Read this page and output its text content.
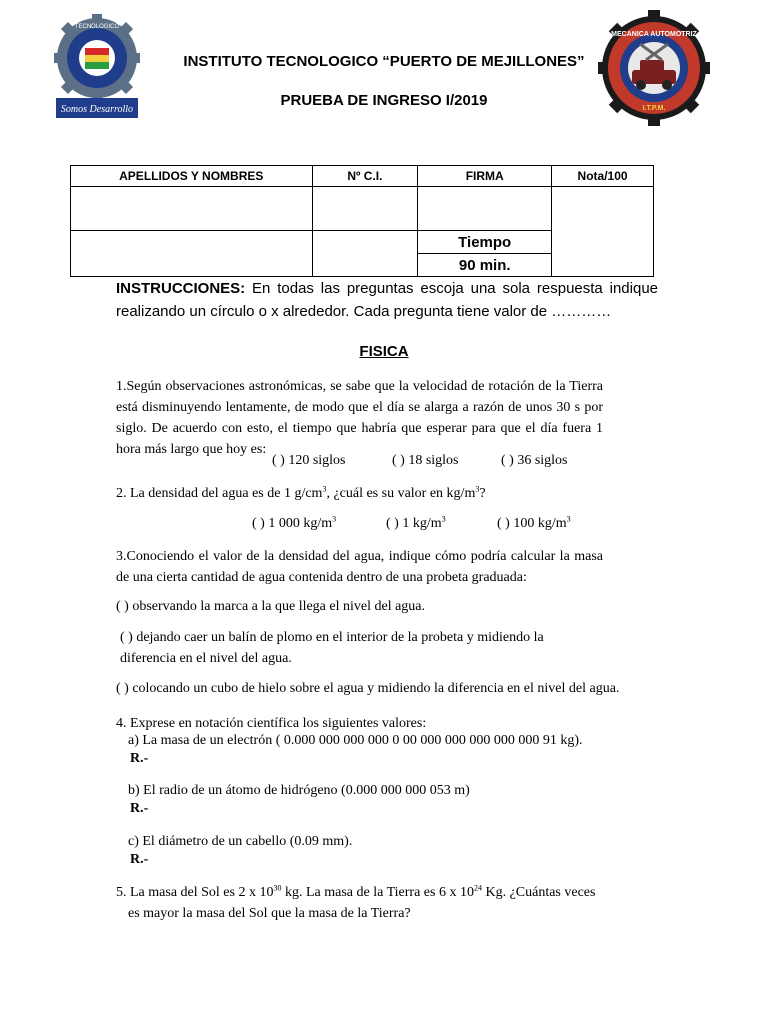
TECNOLOGICO
Somos Desarrollo
MECANICA AUTOMOTRIZ
I.T.P.M.
INSTITUTO TECNOLOGICO “PUERTO DE MEJILLONES”
PRUEBA DE INGRESO I/2019
APELLIDOS Y NOMBRES	Nº C.I.	FIRMA	Nota/100

		Tiempo	
		90 min.	
INSTRUCCIONES: En todas las preguntas escoja una sola respuesta indique realizando un círculo o x alrededor. Cada pregunta tiene valor de …………
FISICA
1.Según observaciones astronómicas, se sabe que la velocidad de rotación de la Tierra está disminuyendo lentamente, de modo que el día se alarga a razón de unos 30 s por siglo. De acuerdo con esto, el tiempo que habría que esperar para que el día fuera 1 hora más largo que hoy es:
( ) 120 siglos	( ) 18 siglos	( ) 36 siglos
2. La densidad del agua es de 1 $g/cm^3$, ¿cuál es su valor en $kg/m^3$?
( ) 1 000 $kg/m^3$	( ) 1 $kg/m^3$	( ) 100 $kg/m^3$
3.Conociendo el valor de la densidad del agua, indique cómo podría calcular la masa de una cierta cantidad de agua contenida dentro de una probeta graduada:
( ) observando la marca a la que llega el nivel del agua.
( ) dejando caer un balín de plomo en el interior de la probeta y midiendo la
diferencia en el nivel del agua.
( ) colocando un cubo de hielo sobre el agua y midiendo la diferencia en el nivel del agua.
4. Exprese en notación científica los siguientes valores:
a) La masa de un electrón ( 0.000 000 000 000 0 00 000 000 000 000 000 91 kg).
R.-
b) El radio de un átomo de hidrógeno (0.000 000 000 053 m)
R.-
c) El diámetro de un cabello (0.09 mm).
R.-
5. La masa del Sol es 2 x $10^{30}$ kg. La masa de la Tierra es 6 x $10^{24}$ Kg. ¿Cuántas veces
es mayor la masa del Sol que la masa de la Tierra?
